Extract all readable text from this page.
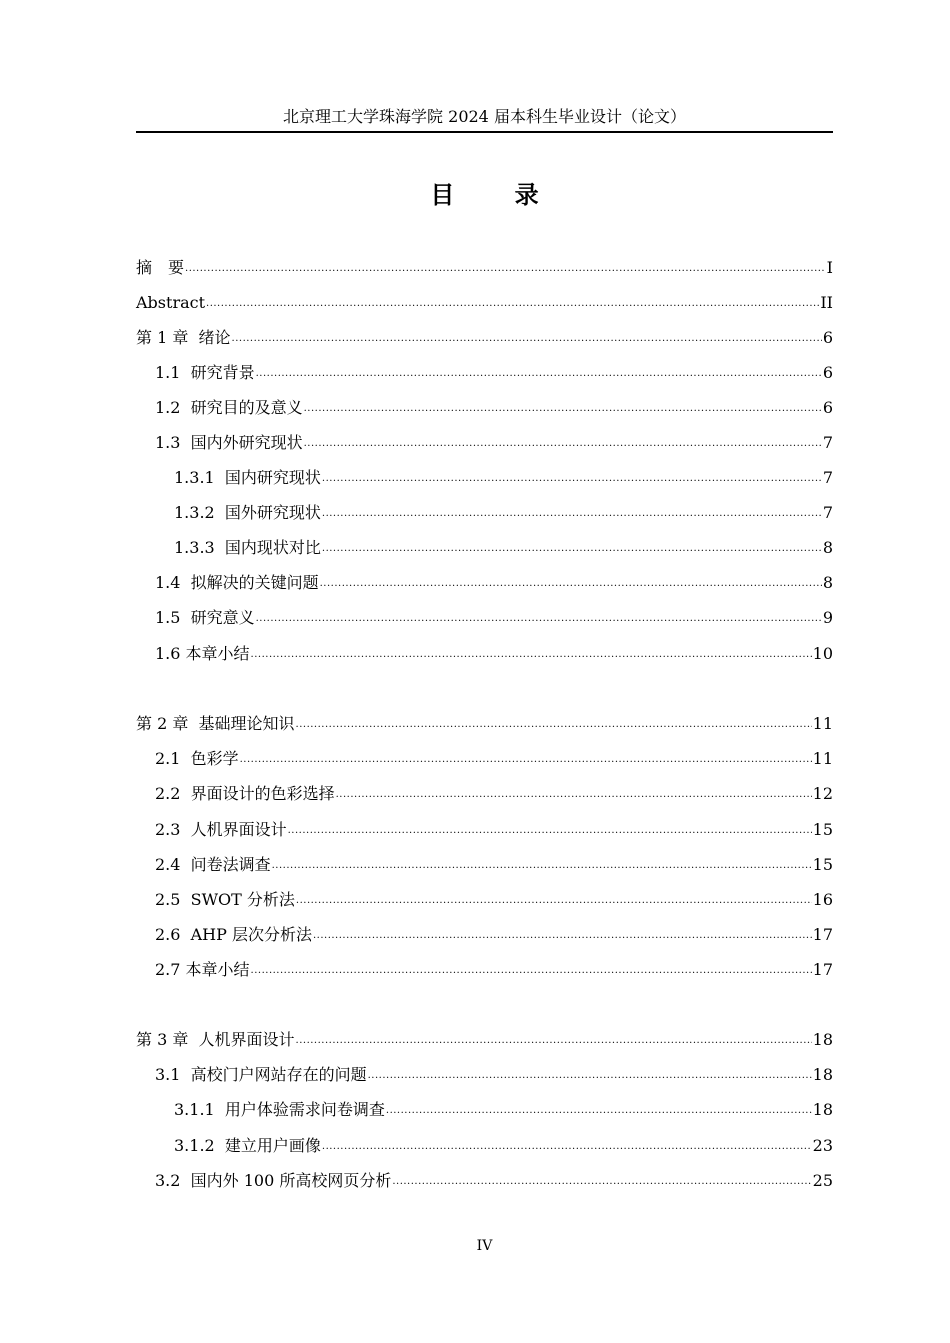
北京理工大学珠海学院 2024 届本科生毕业设计（论文）
目 录
摘　要 .....	I
Abstract .....	II
第 1 章  绪论 .....	6
1.1  研究背景 .....	6
1.2  研究目的及意义 .....	6
1.3  国内外研究现状 .....	7
1.3.1  国内研究现状 .....	7
1.3.2  国外研究现状 .....	7
1.3.3  国内现状对比 .....	8
1.4  拟解决的关键问题 .....	8
1.5  研究意义 .....	9
1.6 本章小结 .....	10
第 2 章  基础理论知识 .....	11
2.1  色彩学 .....	11
2.2  界面设计的色彩选择 .....	12
2.3  人机界面设计 .....	15
2.4  问卷法调查 .....	15
2.5  SWOT 分析法 .....	16
2.6  AHP 层次分析法 .....	17
2.7 本章小结 .....	17
第 3 章  人机界面设计 .....	18
3.1  高校门户网站存在的问题 .....	18
3.1.1  用户体验需求问卷调查 .....	18
3.1.2  建立用户画像 .....	23
3.2  国内外 100 所高校网页分析 .....	25
IV
